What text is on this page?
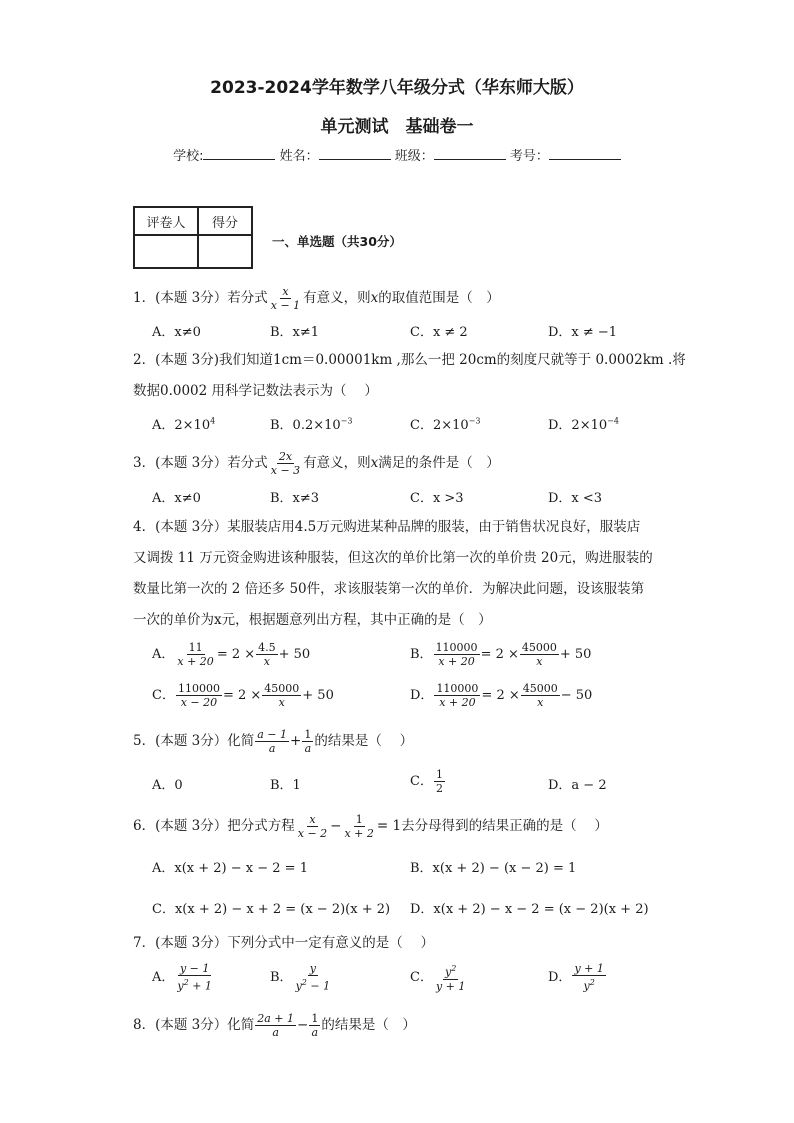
2023-2024学年数学八年级分式（华东师大版）
单元测试　基础卷一
学校:	姓名：	班级：	考号：
评卷人	得分

一、单选题（共30分）
1．(本题 3分）若分式 $\frac{x}{x - 1}$ 有意义，则x的取值范围是（　）
A．x≠0	B．x≠1	C．x ≠ 2	D．x ≠ −1
2．(本题 3分)我们知道1cm＝0.00001km ,那么一把 20cm的刻度尺就等于 0.0002km .将
数据0.0002 用科学记数法表示为（　 ）
A．$2\times 10^4$	B．$0.2\times 10^{-3}$	C．$2\times 10^{-3}$	D．$2\times 10^{-4}$
3．(本题 3分）若分式 $\frac{2x}{x - 3}$ 有意义，则x满足的条件是（　）
A．x≠0	B．x≠3	C．x >3	D．x <3
4．(本题 3分）某服装店用4.5万元购进某种品牌的服装，由于销售状况良好，服装店
又调拨 11 万元资金购进该种服装，但这次的单价比第一次的单价贵 20元，购进服装的
数量比第一次的 2 倍还多 50件，求该服装第一次的单价．为解决此问题，设该服装第
一次的单价为x元，根据题意列出方程，其中正确的是（　）
A． $\frac{11}{x + 20} = 2 \times \frac{4.5}{x} + 50$	B． $\frac{110000}{x + 20} = 2 \times \frac{45000}{x} + 50$
C． $\frac{110000}{x - 20} = 2 \times \frac{45000}{x} + 50$	D． $\frac{110000}{x + 20} = 2 \times \frac{45000}{x} - 50$
5．(本题 3分）化简 $\frac{a - 1}{a} + \frac{1}{a}$ 的结果是（　 ）
A．0	B．1	C． $\frac{1}{2}$	D．a − 2
6．(本题 3分）把分式方程 $\frac{x}{x - 2} - \frac{1}{x + 2} = 1$去分母得到的结果正确的是（　 ）
A．x(x + 2) − x − 2 = 1	B．x(x + 2) − (x − 2) = 1
C．x(x + 2) − x + 2 = (x − 2)(x + 2) D．x(x + 2) − x − 2 = (x − 2)(x + 2)
7．(本题 3分）下列分式中一定有意义的是（　 ）
A． $\frac{y - 1}{y^2 + 1}$	B． $\frac{y}{y^2 - 1}$	C． $\frac{y^2}{y + 1}$	D． $\frac{y + 1}{y^2}$
8．(本题 3分）化简 $\frac{2a + 1}{a} - \frac{1}{a}$ 的结果是（　）
